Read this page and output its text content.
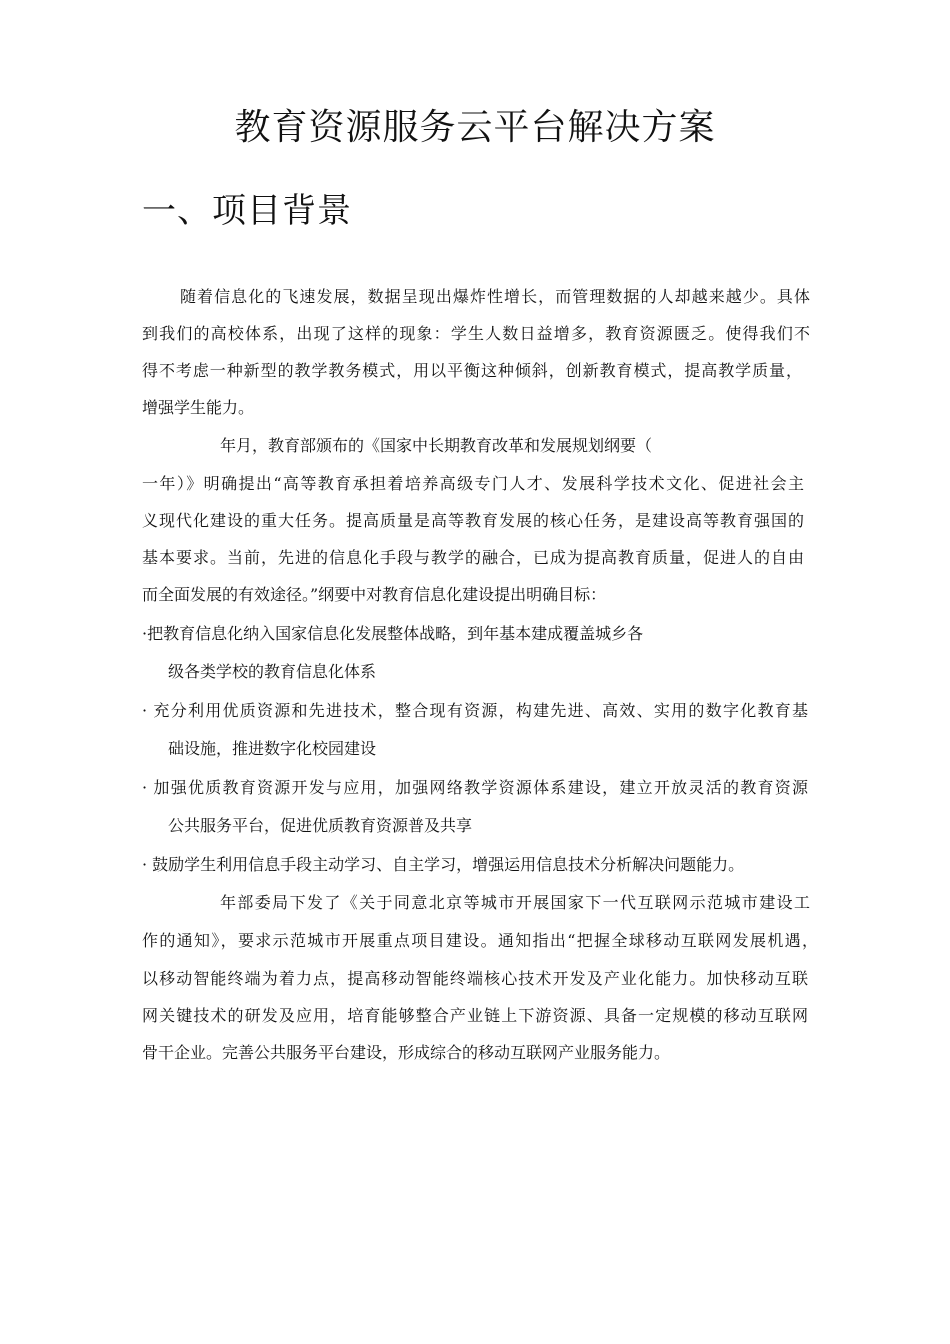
教育资源服务云平台解决方案
一、项目背景

随着信息化的飞速发展，数据呈现出爆炸性增长，而管理数据的人却越来越少。具体

到我们的高校体系，出现了这样的现象：学生人数日益增多，教育资源匮乏。使得我们不

得不考虑一种新型的教学教务模式，用以平衡这种倾斜，创新教育模式，提高教学质量，

增强学生能力。

年月，教育部颁布的《国家中长期教育改革和发展规划纲要（

一年）》明确提出“高等教育承担着培养高级专门人才、发展科学技术文化、促进社会主

义现代化建设的重大任务。提高质量是高等教育发展的核心任务，是建设高等教育强国的

基本要求。当前，先进的信息化手段与教学的融合，已成为提高教育质量，促进人的自由

而全面发展的有效途径。”纲要中对教育信息化建设提出明确目标：

·把教育信息化纳入国家信息化发展整体战略，到年基本建成覆盖城乡各

级各类学校的教育信息化体系

· 充分利用优质资源和先进技术，整合现有资源，构建先进、高效、实用的数字化教育基

础设施，推进数字化校园建设

· 加强优质教育资源开发与应用，加强网络教学资源体系建设，建立开放灵活的教育资源

公共服务平台，促进优质教育资源普及共享

· 鼓励学生利用信息手段主动学习、自主学习，增强运用信息技术分析解决问题能力。

年部委局下发了《关于同意北京等城市开展国家下一代互联网示范城市建设工

作的通知》，要求示范城市开展重点项目建设。通知指出“把握全球移动互联网发展机遇，

以移动智能终端为着力点，提高移动智能终端核心技术开发及产业化能力。加快移动互联

网关键技术的研发及应用，培育能够整合产业链上下游资源、具备一定规模的移动互联网

骨干企业。完善公共服务平台建设，形成综合的移动互联网产业服务能力。
